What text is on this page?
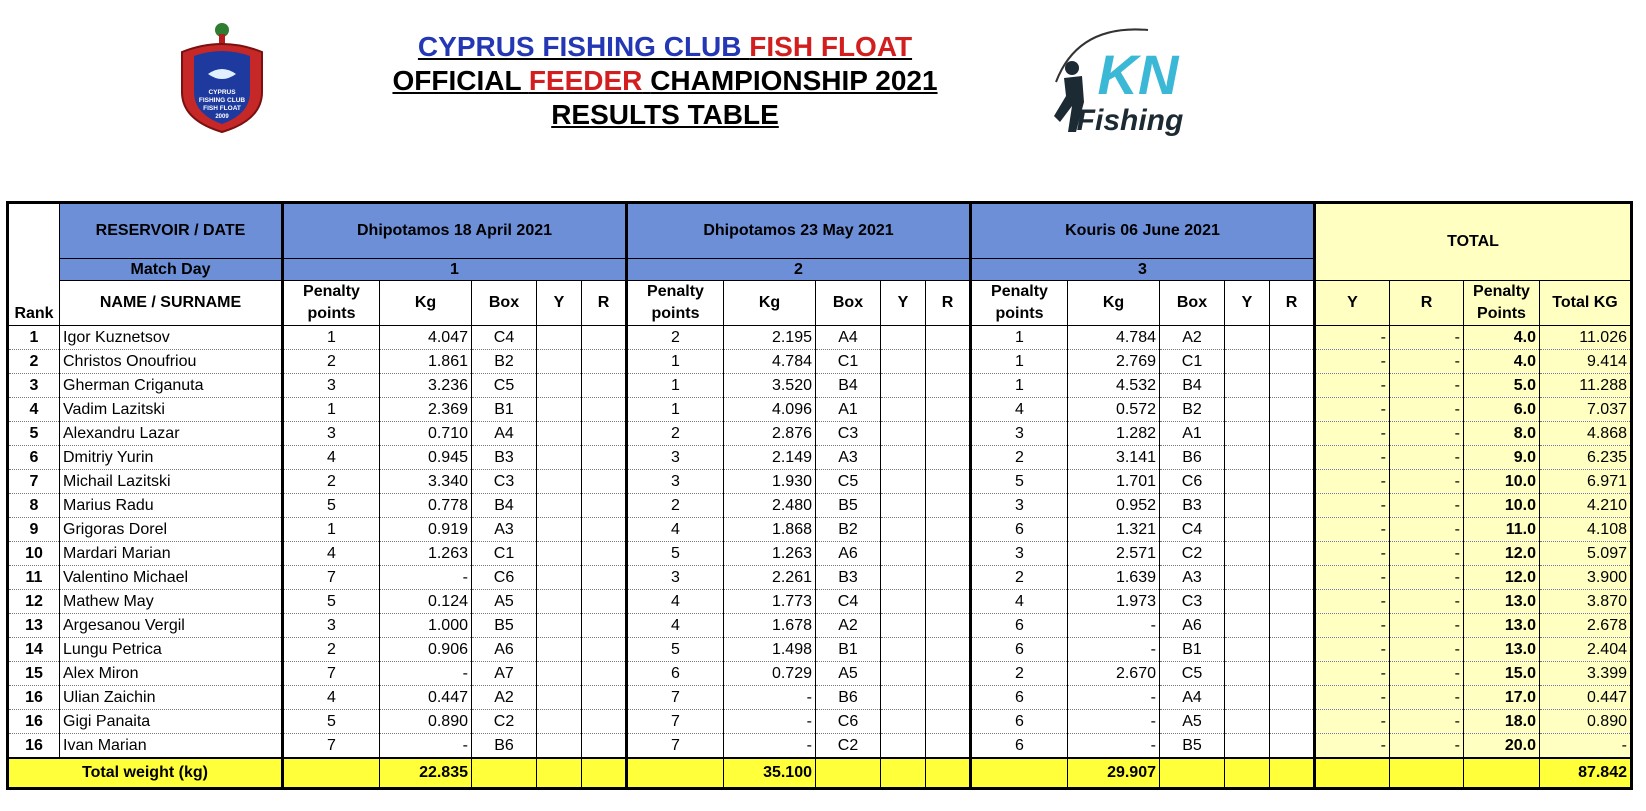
CYPRUS
FISHING CLUB
FISH FLOAT
2009
CYPRUS FISHING CLUB FISH FLOAT
OFFICIAL FEEDER CHAMPIONSHIP 2021
RESULTS TABLE
KN
Fishing
Rank	RESERVOIR / DATE	Dhipotamos 18 April 2021					Dhipotamos 23 May 2021					Kouris 06 June 2021					TOTAL			
	Match Day	1					2					3								
	NAME / SURNAME	Penalty points	Kg	Box	Y	R	Penalty points	Kg	Box	Y	R	Penalty points	Kg	Box	Y	R	Y	R	Penalty Points	Total KG
1	Igor Kuznetsov	1	4.047	C4			2	2.195	A4			1	4.784	A2			-	-	4.0	11.026
2	Christos Onoufriou	2	1.861	B2			1	4.784	C1			1	2.769	C1			-	-	4.0	9.414
3	Gherman Criganuta	3	3.236	C5			1	3.520	B4			1	4.532	B4			-	-	5.0	11.288
4	Vadim Lazitski	1	2.369	B1			1	4.096	A1			4	0.572	B2			-	-	6.0	7.037
5	Alexandru Lazar	3	0.710	A4			2	2.876	C3			3	1.282	A1			-	-	8.0	4.868
6	Dmitriy Yurin	4	0.945	B3			3	2.149	A3			2	3.141	B6			-	-	9.0	6.235
7	Michail Lazitski	2	3.340	C3			3	1.930	C5			5	1.701	C6			-	-	10.0	6.971
8	Marius Radu	5	0.778	B4			2	2.480	B5			3	0.952	B3			-	-	10.0	4.210
9	Grigoras Dorel	1	0.919	A3			4	1.868	B2			6	1.321	C4			-	-	11.0	4.108
10	Mardari Marian	4	1.263	C1			5	1.263	A6			3	2.571	C2			-	-	12.0	5.097
11	Valentino Michael	7	-	C6			3	2.261	B3			2	1.639	A3			-	-	12.0	3.900
12	Mathew May	5	0.124	A5			4	1.773	C4			4	1.973	C3			-	-	13.0	3.870
13	Argesanou Vergil	3	1.000	B5			4	1.678	A2			6	-	A6			-	-	13.0	2.678
14	Lungu Petrica	2	0.906	A6			5	1.498	B1			6	-	B1			-	-	13.0	2.404
15	Alex Miron	7	-	A7			6	0.729	A5			2	2.670	C5			-	-	15.0	3.399
16	Ulian Zaichin	4	0.447	A2			7	-	B6			6	-	A4			-	-	17.0	0.447
16	Gigi Panaita	5	0.890	C2			7	-	C6			6	-	A5			-	-	18.0	0.890
16	Ivan Marian	7	-	B6			7	-	C2			6	-	B5			-	-	20.0	-
Total weight (kg)			22.835					35.100					29.907							87.842
